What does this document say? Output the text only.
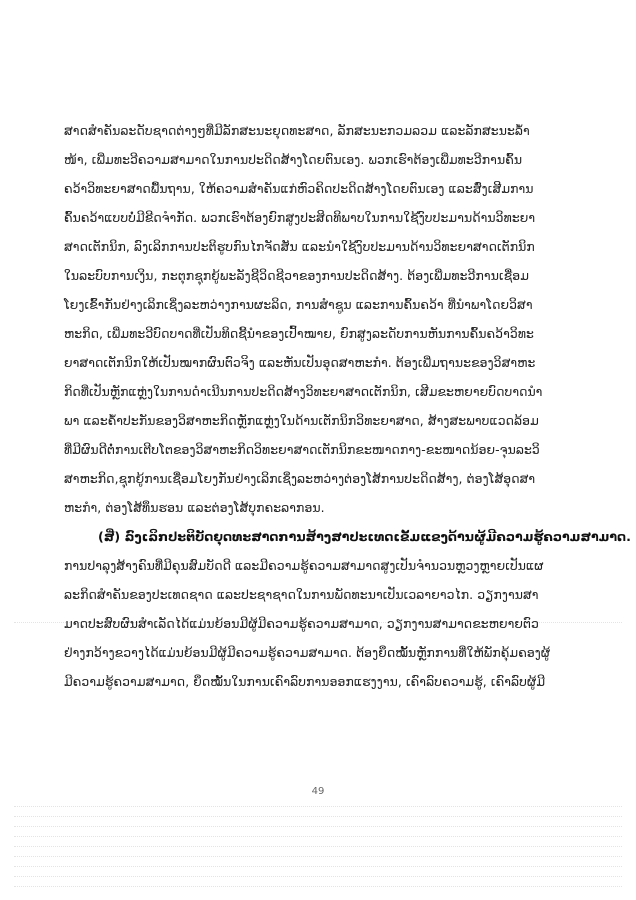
ສາດສຳຄັນລະດັບຊາດຕ່າງໆທີ່ມີລັກສະນະຍຸດທະສາດ, ລັກສະນະກວມລວມ ແລະລັກສະນະລ້ຳ
ໜ້າ, ເພີ່ມທະວີຄວາມສາມາດໃນການປະດິດສ້າງໂດຍຕົນເອງ. ພວກເຮົາຕ້ອງເພີ່ມທະວີການຄົ້ນ
ຄວ້າວິທະຍາສາດພື້ນຖານ, ໃຫ້ຄວາມສຳຄັນແກ່ຫົວຄິດປະດິດສ້າງໂດຍຕົນເອງ ແລະສົ່ງເສີມການ
ຄົ້ນຄວ້າແບບບໍ່ມີຂີດຈຳກັດ. ພວກເຮົາຕ້ອງຍົກສູງປະສິດທິພາບໃນການໃຊ້ງົບປະມານດ້ານວິທະຍາ
ສາດເຕັກນິກ, ລົງເລິກການປະຕິຮູບກົນໄກຈັດສັນ ແລະນຳໃຊ້ງົບປະມານດ້ານວິທະຍາສາດເຕັກນິກ
ໃນລະບົບການເງິນ, ກະຕຸກຊຸກຍູ້ພະລັງຊີວິດຊີວາຂອງການປະດິດສ້າງ. ຕ້ອງເພີ່ມທະວີການເຊື່ອມ
ໂຍງເຂົ້າກັນຢ່າງເລິກເຊິ່ງລະຫວ່າງການຜະລິດ, ການສຳຊູນ ແລະການຄົ້ນຄວ້າ ທີ່ນຳພາໂດຍວິສາ
ຫະກິດ, ເພີ່ມທະວີບົດບາດທີ່ເປັນທິດຊີ້ນຳຂອງເປົ້າໝາຍ, ຍົກສູງລະດັບການຫັນການຄົ້ນຄວ້າວິທະ
ຍາສາດເຕັກນິກໃຫ້ເປັນໝາກຜົນຕົວຈິງ ແລະຫັນເປັນອຸດສາຫະກຳ. ຕ້ອງເພີ່ມຖານະຂອງວິສາຫະ
ກິດທີ່ເປັນຫຼັກແຫຼ່ງໃນການດຳເນີນການປະດິດສ້າງວິທະຍາສາດເຕັກນິກ, ເສີມຂະຫຍາຍບົດບາດນຳ
ພາ ແລະຄ້ຳປະກັນຂອງວິສາຫະກິດຫຼັກແຫຼ່ງໃນດ້ານເຕັກນິກວິທະຍາສາດ, ສ້າງສະພາບແວດລ້ອມ
ທີ່ມີຜົນດີຕໍ່ການເຕີບໂຕຂອງວິສາຫະກິດວິທະຍາສາດເຕັກນິກຂະໜາດກາງ-ຂະໜາດນ້ອຍ-ຈຸນລະວິ
ສາຫະກິດ,ຊຸກຍູ້ການເຊື່ອມໂຍງກັນຢ່າງເລິກເຊິ່ງລະຫວ່າງຕ່ອງໂສ້ການປະດິດສ້າງ, ຕ່ອງໂສ້ອຸດສາ
ຫະກຳ, ຕ່ອງໂສ້ທຶນຮອນ ແລະຕ່ອງໂສ້ບຸກຄະລາກອນ.
(ສີ່) ລົງເລິກປະຕິບັດຍຸດທະສາດການສ້າງສາປະເທດເຂັ້ມແຂງດ້ານຜູ້ມີຄວາມຮູ້ຄວາມສາມາດ.
ການປາລຸງສ້າງຄົນທີ່ມີຄຸນສົມບັດດີ ແລະມີຄວາມຮູ້ຄວາມສາມາດສູງເປັນຈຳນວນຫຼວງຫຼາຍເປັນແຜ
ລະກິດສຳຄັນຂອງປະເທດຊາດ ແລະປະຊາຊາດໃນການພັດທະນາເປັນເວລາຍາວໄກ. ວຽກງານສາ
ມາດປະສົບຜົນສຳເລັດໄດ້ແມ່ນຍ້ອນມີຜູ້ມີຄວາມຮູ້ຄວາມສາມາດ, ວຽກງານສາມາດຂະຫຍາຍຕົວ
ຢ່າງກວ້າງຂວາງໄດ້ແມ່ນຍ້ອນມີຜູ້ມີຄວາມຮູ້ຄວາມສາມາດ. ຕ້ອງຍຶດໝັ້ນຫຼັກການທີ່ໃຫ້ພັກຄຸ້ມຄອງຜູ້
ມີຄວາມຮູ້ຄວາມສາມາດ, ຍຶດໝັ້ນໃນການເຄົາລົບການອອກແຮງງານ, ເຄົາລົບຄວາມຮູ້, ເຄົາລົບຜູ້ມີ
49
